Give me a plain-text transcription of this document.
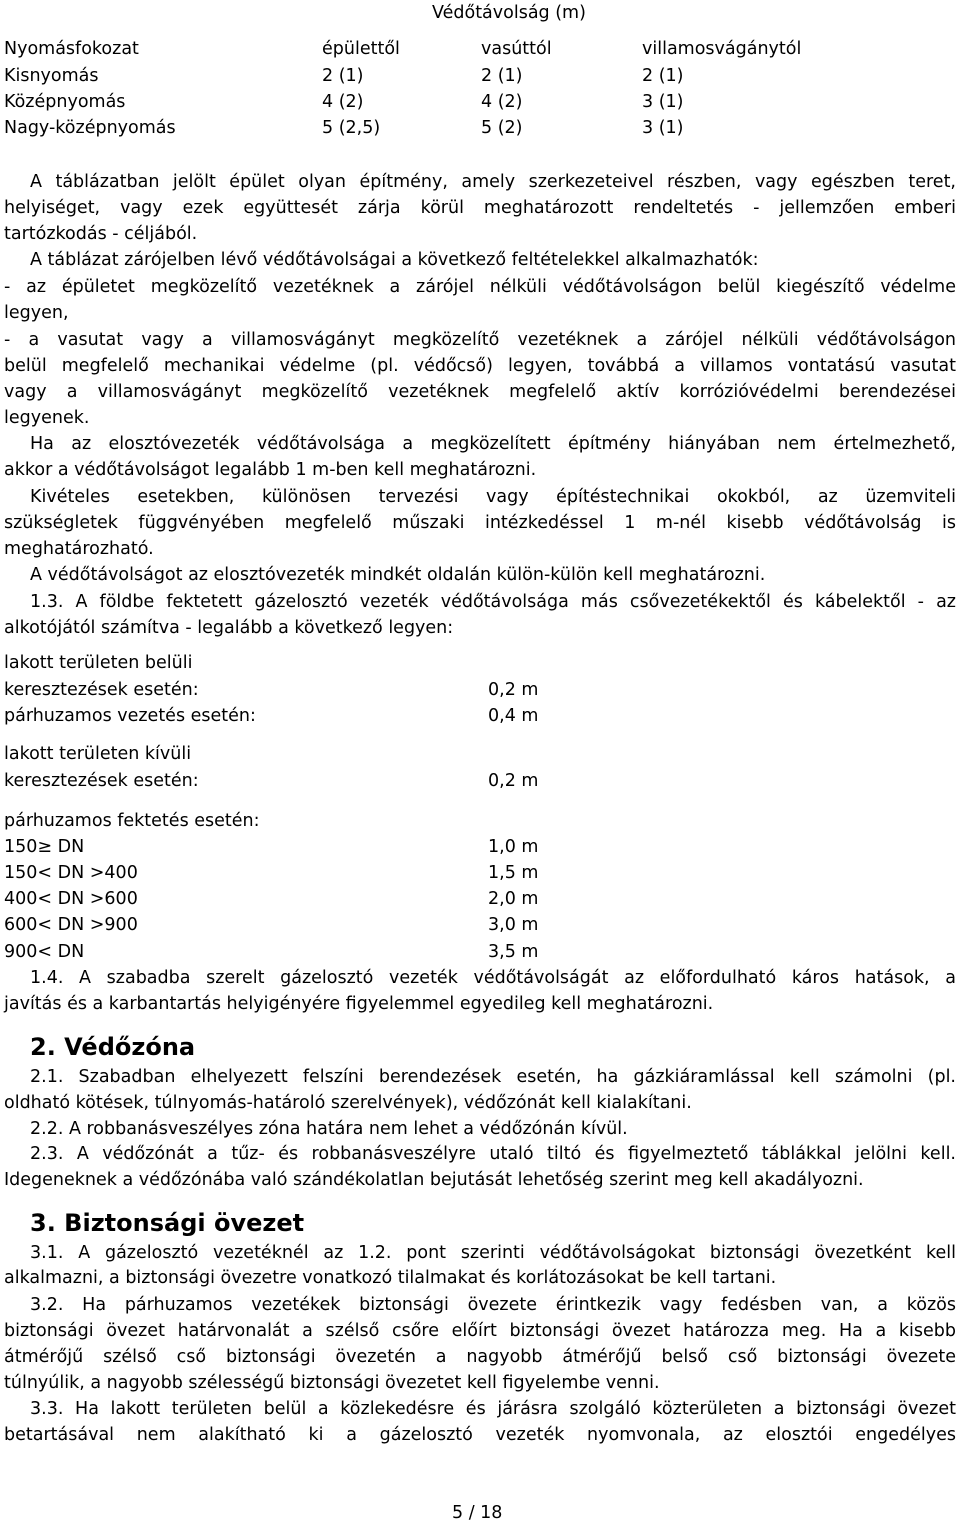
Védőtávolság (m)
Nyomásfokozat	épülettől	vasúttól	villamosvágánytól
Kisnyomás	2 (1)	2 (1)	2 (1)
Középnyomás	4 (2)	4 (2)	3 (1)
Nagy-középnyomás	5 (2,5)	5 (2)	3 (1)
A táblázatban jelölt épület olyan építmény, amely szerkezeteivel részben, vagy egészben teret,
helyiséget, vagy ezek együttesét zárja körül meghatározott rendeltetés - jellemzően emberi
tartózkodás - céljából.
A táblázat zárójelben lévő védőtávolságai a következő feltételekkel alkalmazhatók:
- az épületet megközelítő vezetéknek a zárójel nélküli védőtávolságon belül kiegészítő védelme
legyen,
- a vasutat vagy a villamosvágányt megközelítő vezetéknek a zárójel nélküli védőtávolságon
belül megfelelő mechanikai védelme (pl. védőcső) legyen, továbbá a villamos vontatású vasutat
vagy a villamosvágányt megközelítő vezetéknek megfelelő aktív korrózióvédelmi berendezései
legyenek.
Ha az elosztóvezeték védőtávolsága a megközelített építmény hiányában nem értelmezhető,
akkor a védőtávolságot legalább 1 m-ben kell meghatározni.
Kivételes esetekben, különösen tervezési vagy építéstechnikai okokból, az üzemviteli
szükségletek függvényében megfelelő műszaki intézkedéssel 1 m-nél kisebb védőtávolság is
meghatározható.
A védőtávolságot az elosztóvezeték mindkét oldalán külön-külön kell meghatározni.
1.3. A földbe fektetett gázelosztó vezeték védőtávolsága más csővezetékektől és kábelektől - az
alkotójától számítva - legalább a következő legyen:
lakott területen belüli
keresztezések esetén:	0,2 m
párhuzamos vezetés esetén:	0,4 m
lakott területen kívüli
keresztezések esetén:	0,2 m
párhuzamos fektetés esetén:
150≥ DN	1,0 m
150< DN >400	1,5 m
400< DN >600	2,0 m
600< DN >900	3,0 m
900< DN	3,5 m
1.4. A szabadba szerelt gázelosztó vezeték védőtávolságát az előfordulható káros hatások, a
javítás és a karbantartás helyigényére figyelemmel egyedileg kell meghatározni.
2. Védőzóna
2.1. Szabadban elhelyezett felszíni berendezések esetén, ha gázkiáramlással kell számolni (pl.
oldható kötések, túlnyomás-határoló szerelvények), védőzónát kell kialakítani.
2.2. A robbanásveszélyes zóna határa nem lehet a védőzónán kívül.
2.3. A védőzónát a tűz- és robbanásveszélyre utaló tiltó és figyelmeztető táblákkal jelölni kell.
Idegeneknek a védőzónába való szándékolatlan bejutását lehetőség szerint meg kell akadályozni.
3. Biztonsági övezet
3.1. A gázelosztó vezetéknél az 1.2. pont szerinti védőtávolságokat biztonsági övezetként kell
alkalmazni, a biztonsági övezetre vonatkozó tilalmakat és korlátozásokat be kell tartani.
3.2. Ha párhuzamos vezetékek biztonsági övezete érintkezik vagy fedésben van, a közös
biztonsági övezet határvonalát a szélső csőre előírt biztonsági övezet határozza meg. Ha a kisebb
átmérőjű szélső cső biztonsági övezetén a nagyobb átmérőjű belső cső biztonsági övezete
túlnyúlik, a nagyobb szélességű biztonsági övezetet kell figyelembe venni.
3.3. Ha lakott területen belül a közlekedésre és járásra szolgáló közterületen a biztonsági övezet
betartásával nem alakítható ki a gázelosztó vezeték nyomvonala, az elosztói engedélyes
5 / 18
